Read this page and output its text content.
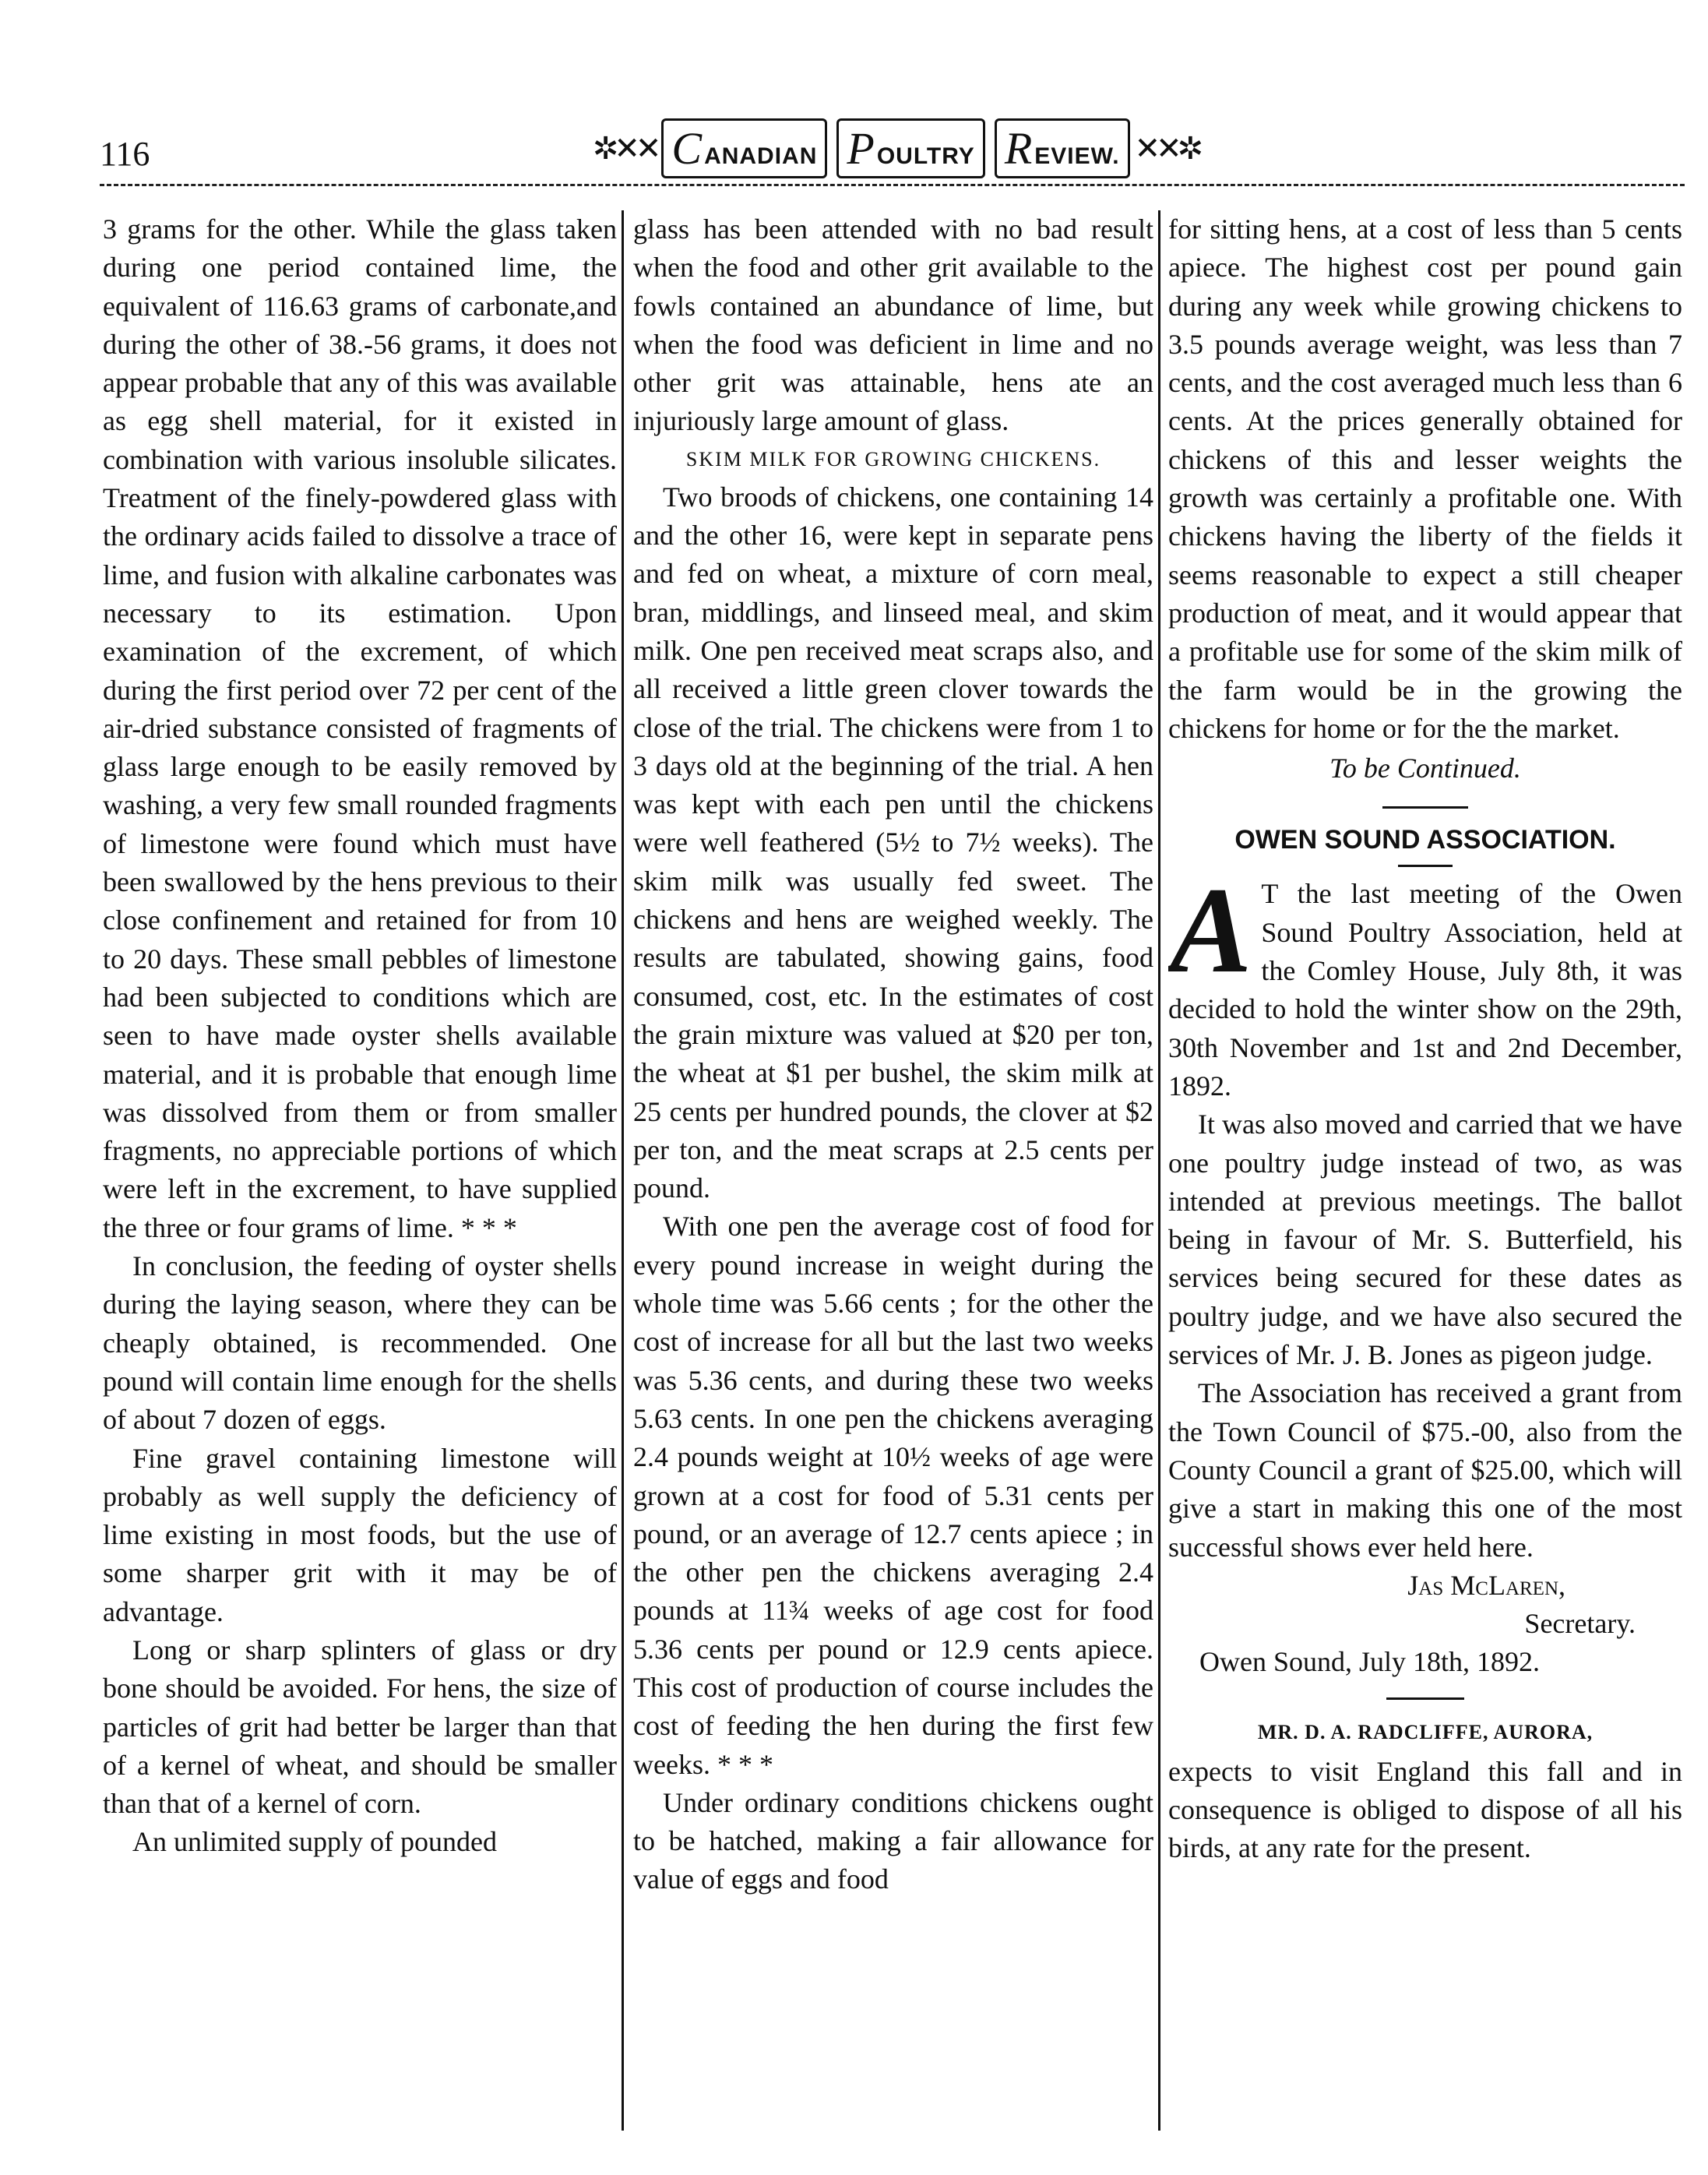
116	✲✕✕ CANADIAN POULTRY REVIEW. ✕✕✲

3 grams for the other. While the glass taken during one period contained lime, the equivalent of 116.63 grams of carbonate,and during the other of 38.-56 grams, it does not appear probable that any of this was available as egg shell material, for it existed in combination with various insoluble silicates. Treatment of the finely-powdered glass with the ordinary acids failed to dissolve a trace of lime, and fusion with alkaline carbonates was necessary to its estimation. Upon examination of the excrement, of which during the first period over 72 per cent of the air-dried substance consisted of fragments of glass large enough to be easily removed by washing, a very few small rounded fragments of limestone were found which must have been swallowed by the hens previous to their close confinement and retained for from 10 to 20 days. These small pebbles of limestone had been subjected to conditions which are seen to have made oyster shells available material, and it is probable that enough lime was dissolved from them or from smaller fragments, no appreciable portions of which were left in the excrement, to have supplied the three or four grams of lime. * * *

In conclusion, the feeding of oyster shells during the laying season, where they can be cheaply obtained, is recommended. One pound will contain lime enough for the shells of about 7 dozen of eggs.

Fine gravel containing limestone will probably as well supply the deficiency of lime existing in most foods, but the use of some sharper grit with it may be of advantage.

Long or sharp splinters of glass or dry bone should be avoided. For hens, the size of particles of grit had better be larger than that of a kernel of wheat, and should be smaller than that of a kernel of corn.

An unlimited supply of pounded

glass has been attended with no bad result when the food and other grit available to the fowls contained an abundance of lime, but when the food was deficient in lime and no other grit was attainable, hens ate an injuriously large amount of glass.

SKIM MILK FOR GROWING CHICKENS.

Two broods of chickens, one containing 14 and the other 16, were kept in separate pens and fed on wheat, a mixture of corn meal, bran, middlings, and linseed meal, and skim milk. One pen received meat scraps also, and all received a little green clover towards the close of the trial. The chickens were from 1 to 3 days old at the beginning of the trial. A hen was kept with each pen until the chickens were well feathered (5½ to 7½ weeks). The skim milk was usually fed sweet. The chickens and hens are weighed weekly. The results are tabulated, showing gains, food consumed, cost, etc. In the estimates of cost the grain mixture was valued at $20 per ton, the wheat at $1 per bushel, the skim milk at 25 cents per hundred pounds, the clover at $2 per ton, and the meat scraps at 2.5 cents per pound.

With one pen the average cost of food for every pound increase in weight during the whole time was 5.66 cents ; for the other the cost of increase for all but the last two weeks was 5.36 cents, and during these two weeks 5.63 cents. In one pen the chickens averaging 2.4 pounds weight at 10½ weeks of age were grown at a cost for food of 5.31 cents per pound, or an average of 12.7 cents apiece ; in the other pen the chickens averaging 2.4 pounds at 11¾ weeks of age cost for food 5.36 cents per pound or 12.9 cents apiece. This cost of production of course includes the cost of feeding the hen during the first few weeks. * * *

Under ordinary conditions chickens ought to be hatched, making a fair allowance for value of eggs and food

for sitting hens, at a cost of less than 5 cents apiece. The highest cost per pound gain during any week while growing chickens to 3.5 pounds average weight, was less than 7 cents, and the cost averaged much less than 6 cents. At the prices generally obtained for chickens of this and lesser weights the growth was certainly a profitable one. With chickens having the liberty of the fields it seems reasonable to expect a still cheaper production of meat, and it would appear that a profitable use for some of the skim milk of the farm would be in the growing the chickens for home or for the the market.

To be Continued.

OWEN SOUND ASSOCIATION.

A T the last meeting of the Owen Sound Poultry Association, held at the Comley House, July 8th, it was decided to hold the winter show on the 29th, 30th November and 1st and 2nd December, 1892.

It was also moved and carried that we have one poultry judge instead of two, as was intended at previous meetings. The ballot being in favour of Mr. S. Butterfield, his services being secured for these dates as poultry judge, and we have also secured the services of Mr. J. B. Jones as pigeon judge.

The Association has received a grant from the Town Council of $75.-00, also from the County Council a grant of $25.00, which will give a start in making this one of the most successful shows ever held here.

Jas McLaren,

Secretary.

Owen Sound, July 18th, 1892.

MR. D. A. RADCLIFFE, AURORA,

expects to visit England this fall and in consequence is obliged to dispose of all his birds, at any rate for the present.
